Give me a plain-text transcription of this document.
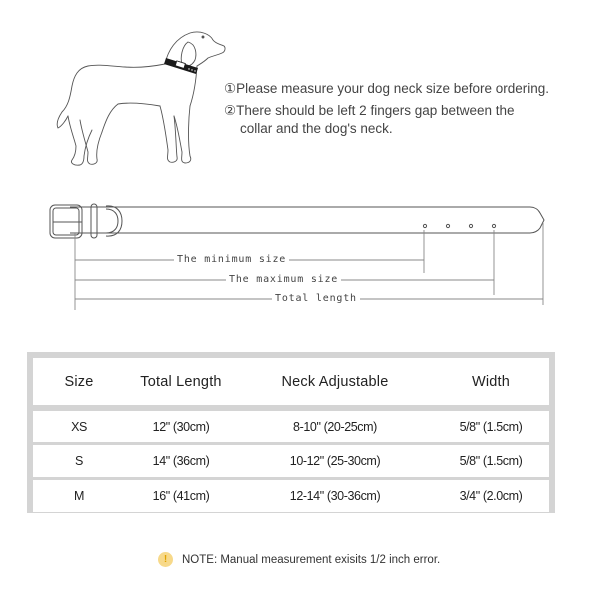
①Please measure your dog neck size before ordering.
②There should be left 2 fingers gap between the
collar and the dog's neck.
The minimum size
The maximum size
Total length
Size	Total Length	Neck Adjustable	Width
XS	12" (30cm)	8-10" (20-25cm)	5/8" (1.5cm)
S	14" (36cm)	10-12" (25-30cm)	5/8" (1.5cm)
M	16" (41cm)	12-14" (30-36cm)	3/4" (2.0cm)
!	NOTE: Manual measurement exisits 1/2 inch error.
